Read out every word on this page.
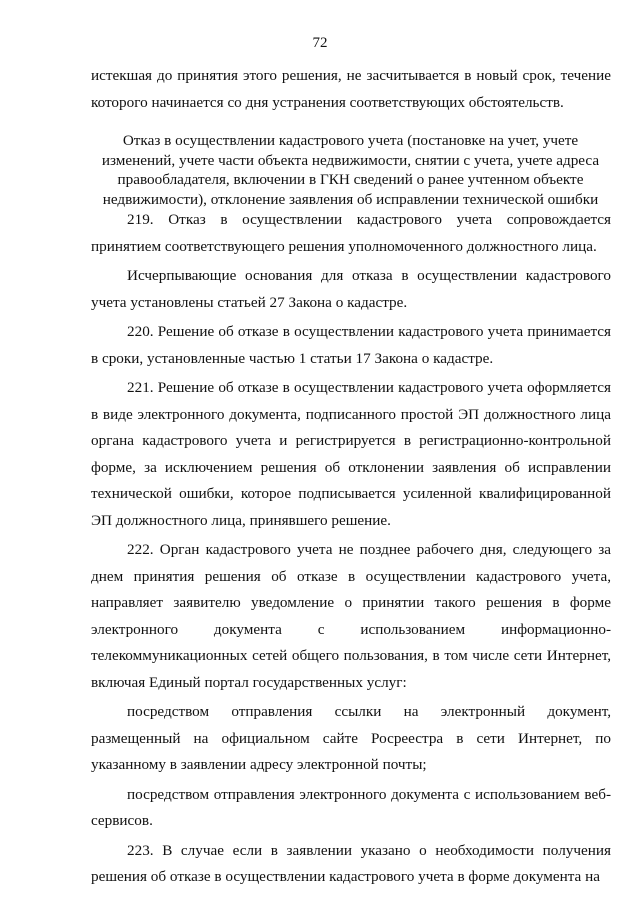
72

истекшая до принятия этого решения, не засчитывается в новый срок, течение которого начинается со дня устранения соответствующих обстоятельств.

Отказ в осуществлении кадастрового учета (постановке на учет, учете изменений, учете части объекта недвижимости, снятии с учета, учете адреса правообладателя, включении в ГКН сведений о ранее учтенном объекте недвижимости), отклонение заявления об исправлении технической ошибки

219. Отказ в осуществлении кадастрового учета сопровождается принятием соответствующего решения уполномоченного должностного лица.

Исчерпывающие основания для отказа в осуществлении кадастрового учета установлены статьей 27 Закона о кадастре.

220. Решение об отказе в осуществлении кадастрового учета принимается в сроки, установленные частью 1 статьи 17 Закона о кадастре.

221. Решение об отказе в осуществлении кадастрового учета оформляется в виде электронного документа, подписанного простой ЭП должностного лица органа кадастрового учета и регистрируется в регистрационно-контрольной форме, за исключением решения об отклонении заявления об исправлении технической ошибки, которое подписывается усиленной квалифицированной ЭП должностного лица, принявшего решение.

222. Орган кадастрового учета не позднее рабочего дня, следующего за днем принятия решения об отказе в осуществлении кадастрового учета, направляет заявителю уведомление о принятии такого решения в форме электронного документа с использованием информационно-телекоммуникационных сетей общего пользования, в том числе сети Интернет, включая Единый портал государственных услуг:

посредством отправления ссылки на электронный документ, размещенный на официальном сайте Росреестра в сети Интернет, по указанному в заявлении адресу электронной почты;

посредством отправления электронного документа с использованием веб-сервисов.

223. В случае если в заявлении указано о необходимости получения решения об отказе в осуществлении кадастрового учета в форме документа на
